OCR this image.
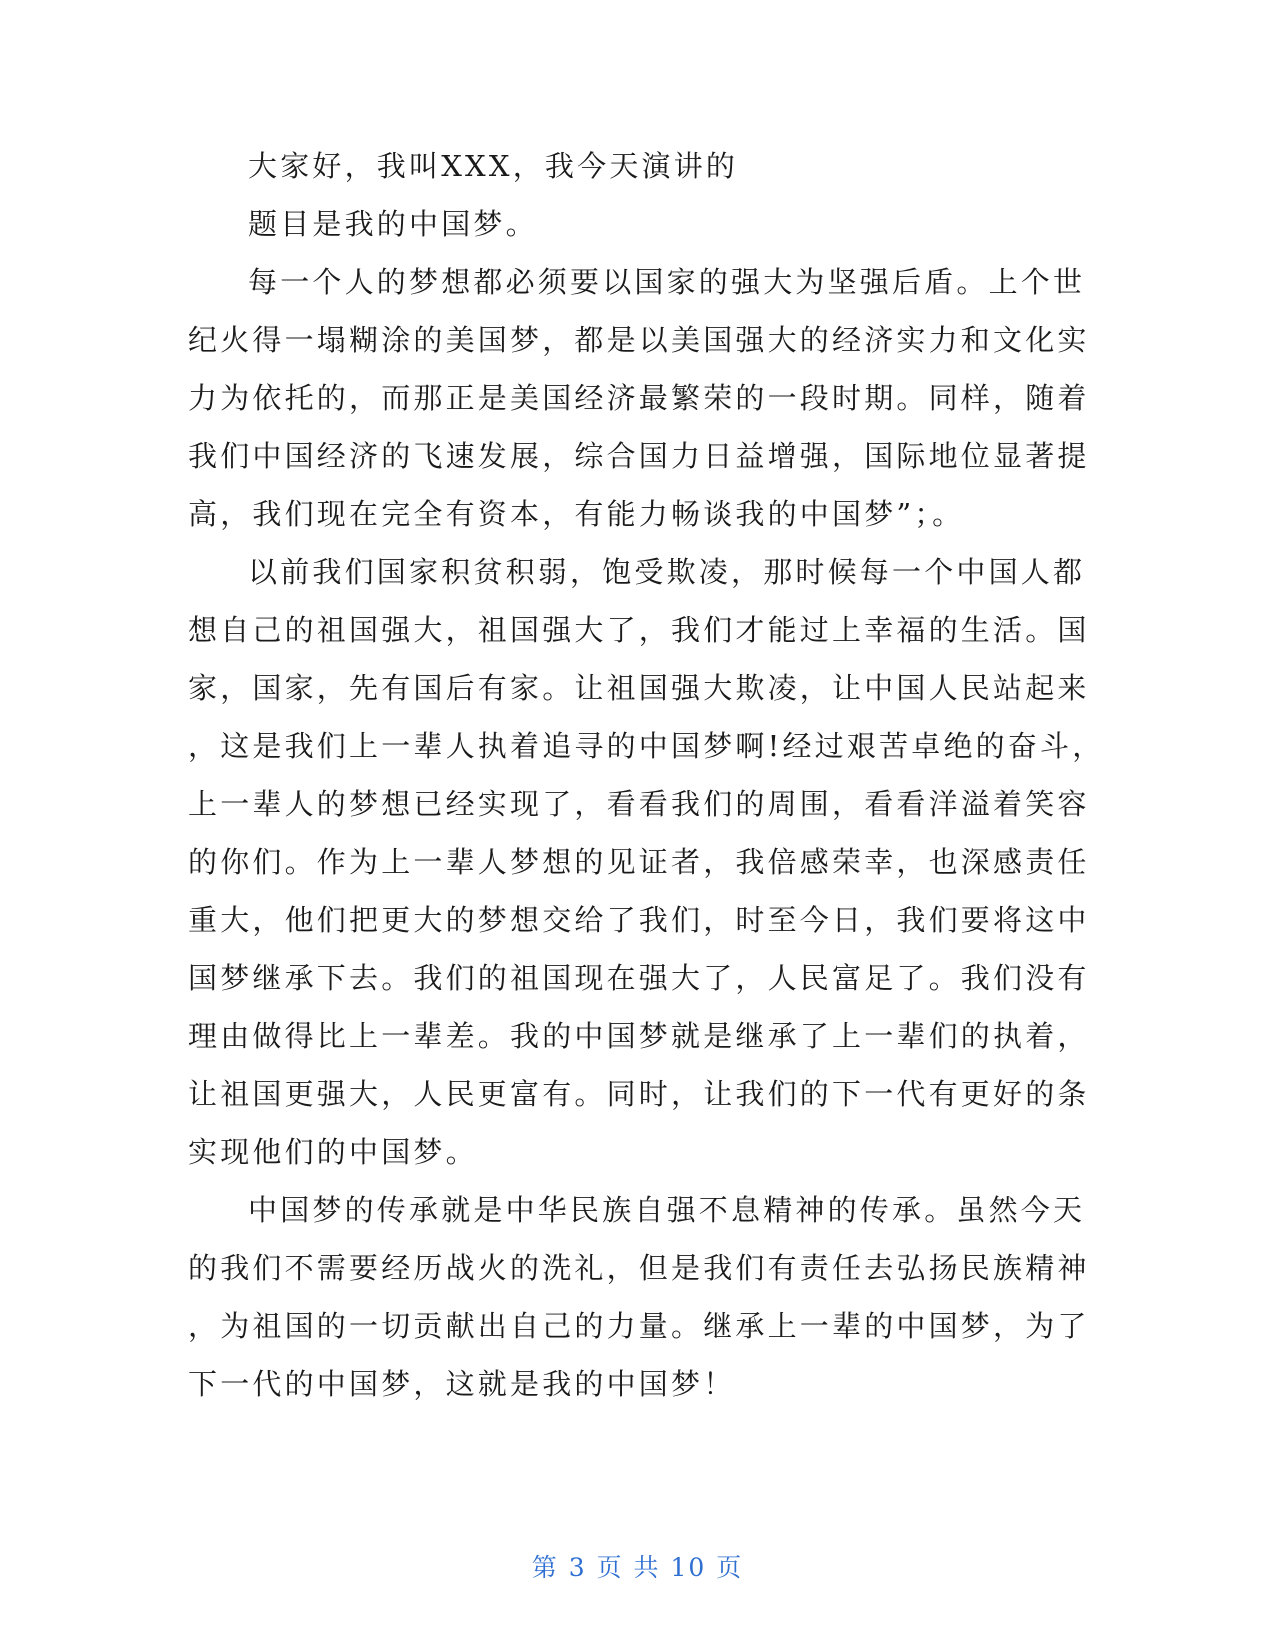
大家好，我叫XXX，我今天演讲的
题目是我的中国梦。
每一个人的梦想都必须要以国家的强大为坚强后盾。上个世
纪火得一塌糊涂的美国梦，都是以美国强大的经济实力和文化实
力为依托的，而那正是美国经济最繁荣的一段时期。同样，随着
我们中国经济的飞速发展，综合国力日益增强，国际地位显著提
高，我们现在完全有资本，有能力畅谈我的中国梦”；。
以前我们国家积贫积弱，饱受欺凌，那时候每一个中国人都
想自己的祖国强大，祖国强大了，我们才能过上幸福的生活。国
家，国家，先有国后有家。让祖国强大欺凌，让中国人民站起来
，这是我们上一辈人执着追寻的中国梦啊!经过艰苦卓绝的奋斗，
上一辈人的梦想已经实现了，看看我们的周围，看看洋溢着笑容
的你们。作为上一辈人梦想的见证者，我倍感荣幸，也深感责任
重大，他们把更大的梦想交给了我们，时至今日，我们要将这中
国梦继承下去。我们的祖国现在强大了，人民富足了。我们没有
理由做得比上一辈差。我的中国梦就是继承了上一辈们的执着，
让祖国更强大，人民更富有。同时，让我们的下一代有更好的条
实现他们的中国梦。
中国梦的传承就是中华民族自强不息精神的传承。虽然今天
的我们不需要经历战火的洗礼，但是我们有责任去弘扬民族精神
，为祖国的一切贡献出自己的力量。继承上一辈的中国梦，为了
下一代的中国梦，这就是我的中国梦！
第 3 页 共 10 页
